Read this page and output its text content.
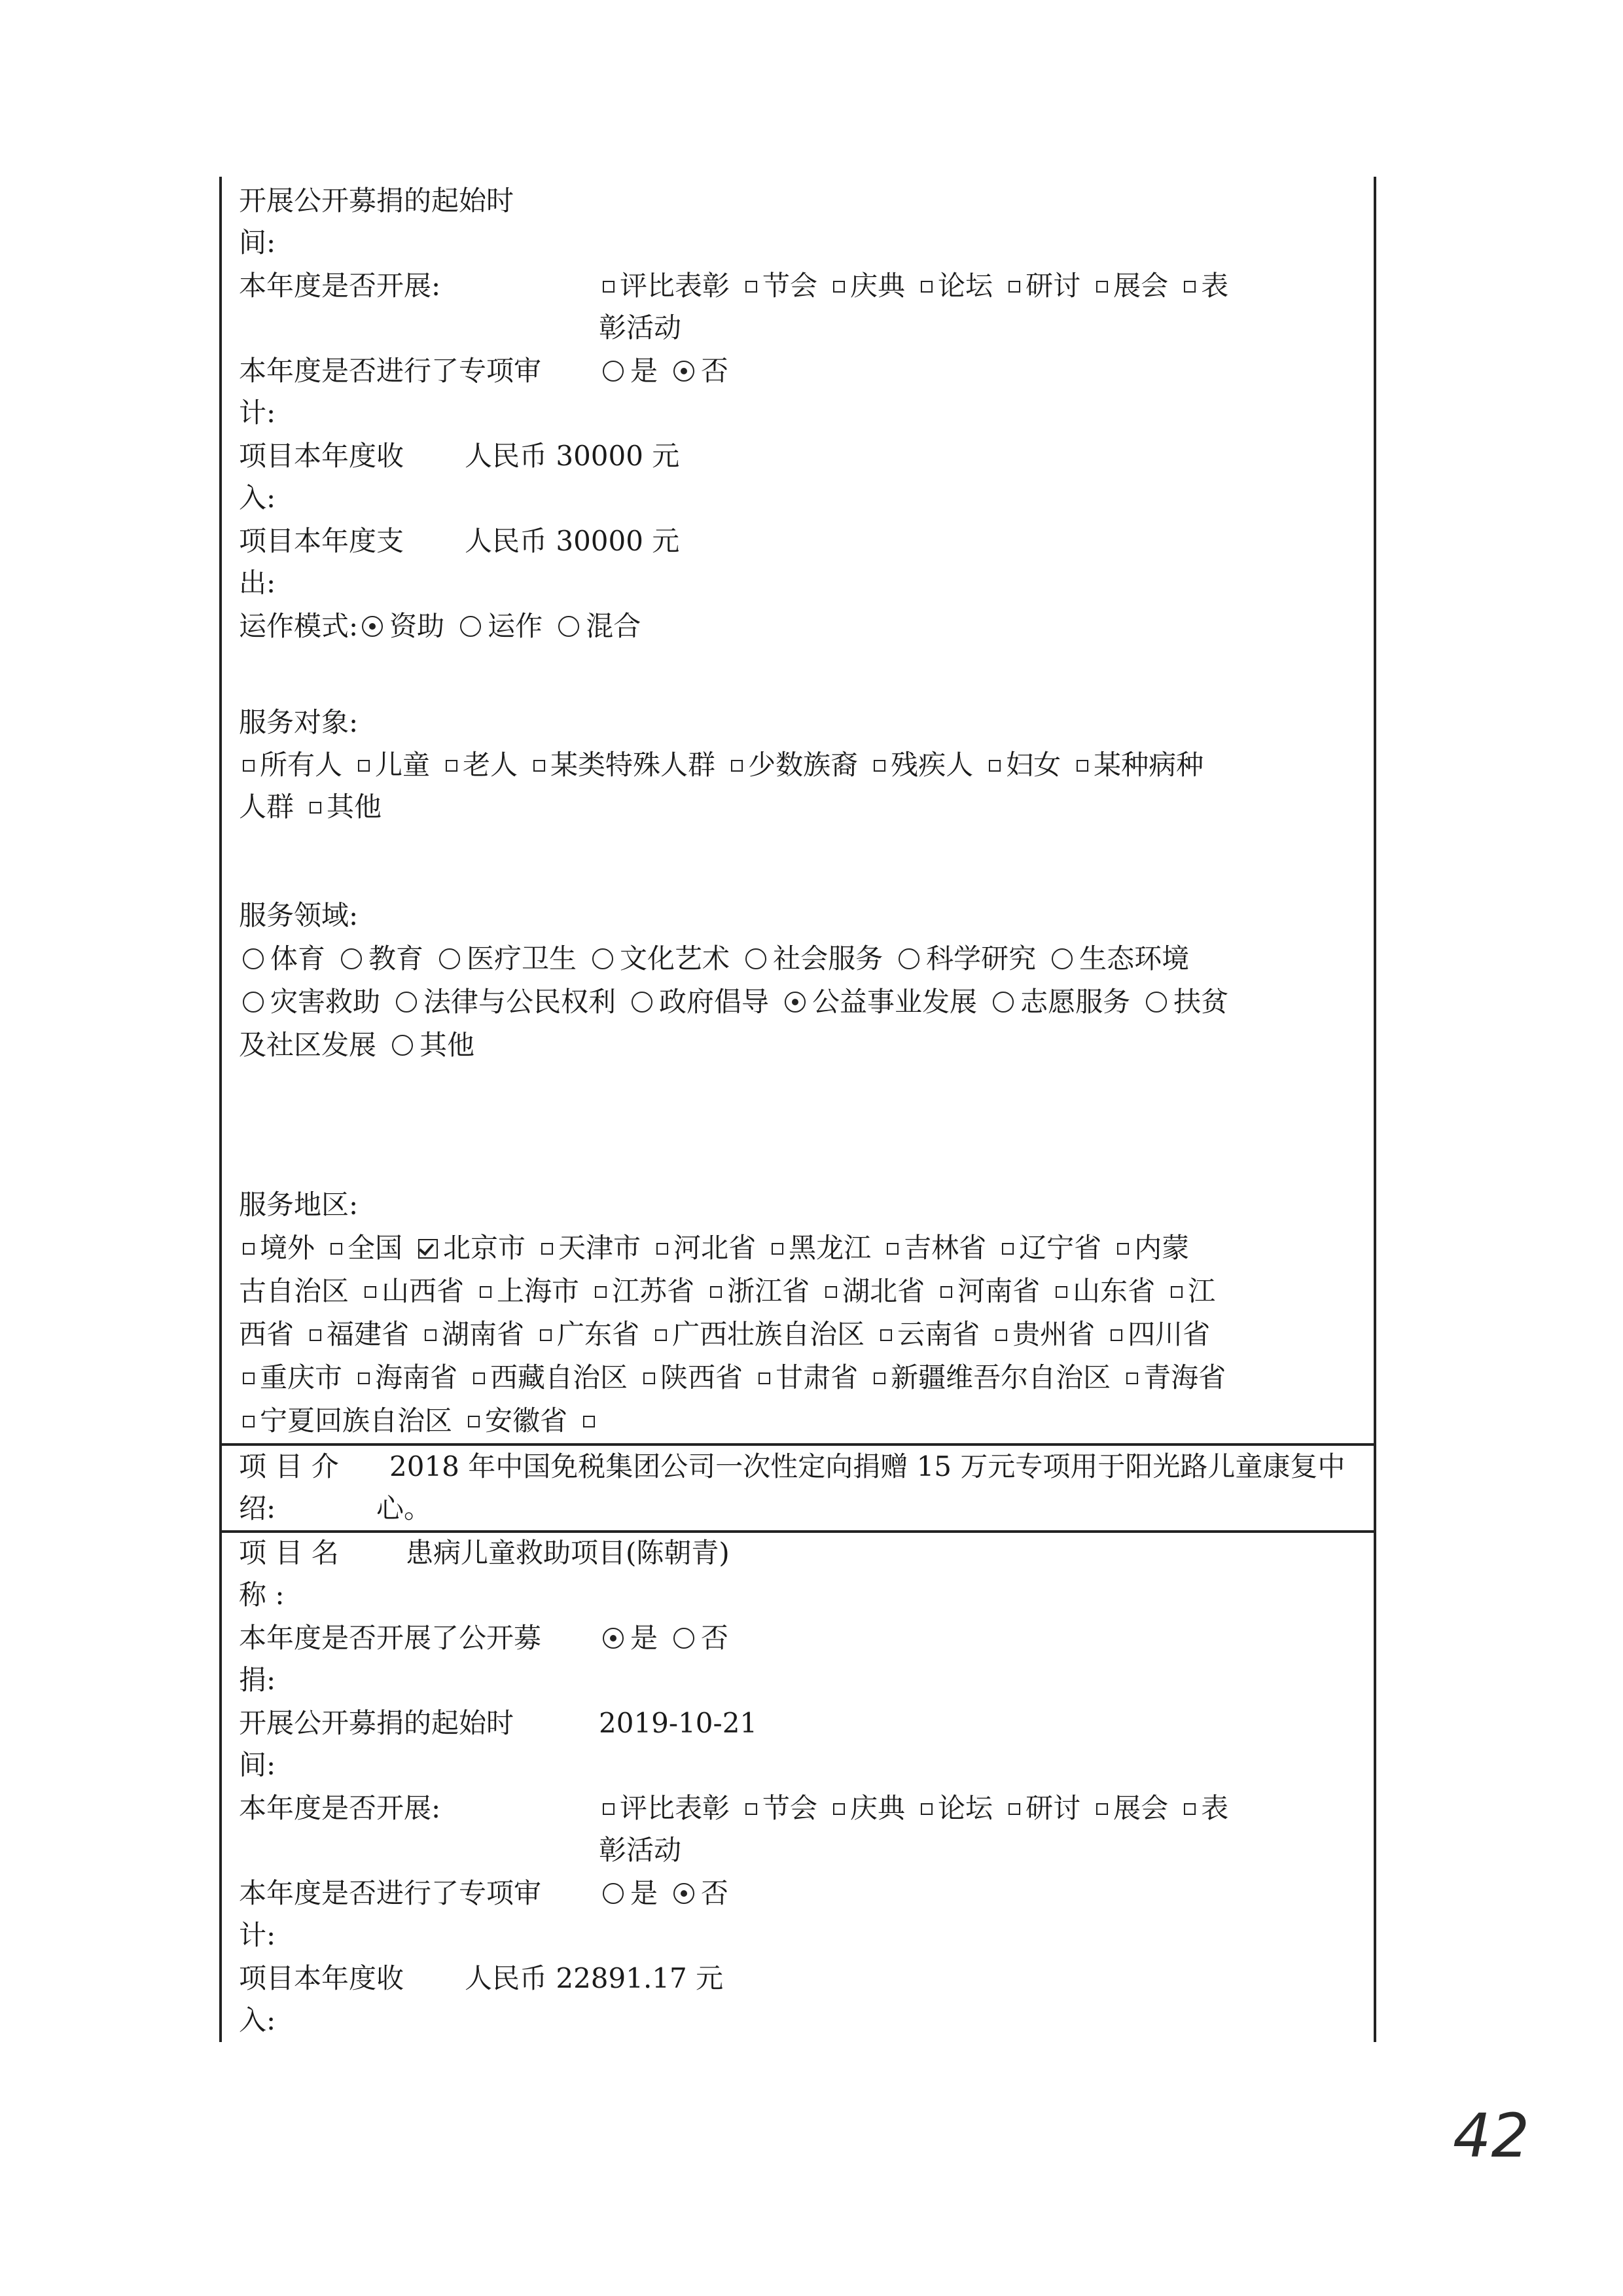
开展公开募捐的起始时
间:
本年度是否开展:	评比表彰 节会 庆典 论坛 研讨 展会 表
彰活动
本年度是否进行了专项审	是 否
计:
项目本年度收 人民币 30000 元
入:
项目本年度支 人民币 30000 元
出:
运作模式: 资助 运作 混合
服务对象:
所有人 儿童 老人 某类特殊人群 少数族裔 残疾人 妇女 某种病种
人群 其他
服务领域:
体育 教育 医疗卫生 文化艺术 社会服务 科学研究 生态环境
灾害救助 法律与公民权利 政府倡导 公益事业发展 志愿服务 扶贫
及社区发展 其他
服务地区:
境外 全国 北京市 天津市 河北省 黑龙江 吉林省 辽宁省 内蒙
古自治区 山西省 上海市 江苏省 浙江省 湖北省 河南省 山东省 江
西省 福建省 湖南省 广东省 广西壮族自治区 云南省 贵州省 四川省
重庆市 海南省 西藏自治区 陕西省 甘肃省 新疆维吾尔自治区 青海省
宁夏回族自治区 安徽省
项 目 介 2018 年中国免税集团公司一次性定向捐赠 15 万元专项用于阳光路儿童康复中
绍:	心。
项 目 名 患病儿童救助项目(陈朝青)
称 :
本年度是否开展了公开募	是 否
捐:
开展公开募捐的起始时	2019-10-21
间:
本年度是否开展:	评比表彰 节会 庆典 论坛 研讨 展会 表
彰活动
本年度是否进行了专项审	是 否
计:
项目本年度收 人民币 22891.17 元
入:
42
